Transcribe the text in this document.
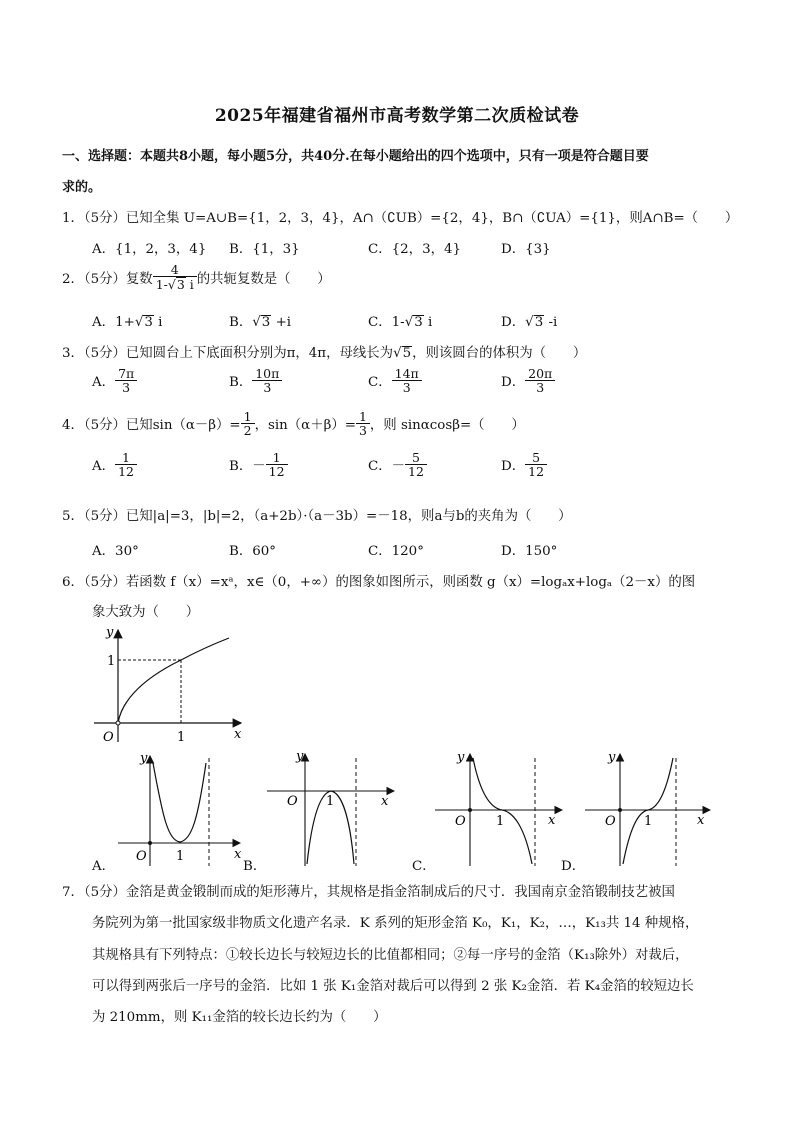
2025年福建省福州市高考数学第二次质检试卷
一、选择题：本题共8小题，每小题5分，共40分.在每小题给出的四个选项中，只有一项是符合题目要
求的。
1．（5分）已知全集 U=A∪B={1，2，3，4}，A∩（∁UB）={2，4}，B∩（∁UA）={1}，则A∩B=（　　）
A．{1，2，3，4} B．{1，3}	C．{2，3，4}	D．{3}
2．（5分）复数 $\frac{4}{1-√3 i}$ 的共轭复数是（　　）
A．1+√3 i	B．√3 +i	C．1-√3 i	D．√3 -i
3．（5分）已知圆台上下底面积分别为π，4π，母线长为√5，则该圆台的体积为（　　）
A． $\frac{7\pi}{3}$	B． $\frac{10\pi}{3}$	C． $\frac{14\pi}{3}$	D． $\frac{20\pi}{3}$
4．（5分）已知$\sin(\alpha-\beta)= \frac{1}{2}$ ，$\sin(\alpha+\beta)= \frac{1}{3}$ ，则 sinαcosβ=（　　）
A． $\frac{1}{12}$	B．－ $\frac{1}{12}$	C．－ $\frac{5}{12}$	D． $\frac{5}{12}$
5．（5分）已知|a|=3，|b|=2，（a+2b）·（a－3b）=－18，则a与b的夹角为（　　）
A．30°	B．60°	C．120°	D．150°
6．（5分）若函数 f（x）=xᵃ，x∈（0，+∞）的图象如图所示，则函数 g（x）=logₐx+logₐ（2－x）的图
象大致为（　　）
y
x
O	1
1
A．
y
x
O 1
B．
y
x
O 1
C．
y
x
O 1
D．
y
x
O 1
7．（5分）金箔是黄金锻制而成的矩形薄片，其规格是指金箔制成后的尺寸．我国南京金箔锻制技艺被国
务院列为第一批国家级非物质文化遗产名录．K 系列的矩形金箔 K₀，K₁，K₂，…，K₁₃共 14 种规格，
其规格具有下列特点：①较长边长与较短边长的比值都相同；②每一序号的金箔（K₁₃除外）对裁后，
可以得到两张后一序号的金箔．比如 1 张 K₁金箔对裁后可以得到 2 张 K₂金箔．若 K₄金箔的较短边长
为 210mm，则 K₁₁金箔的较长边长约为（　　）
